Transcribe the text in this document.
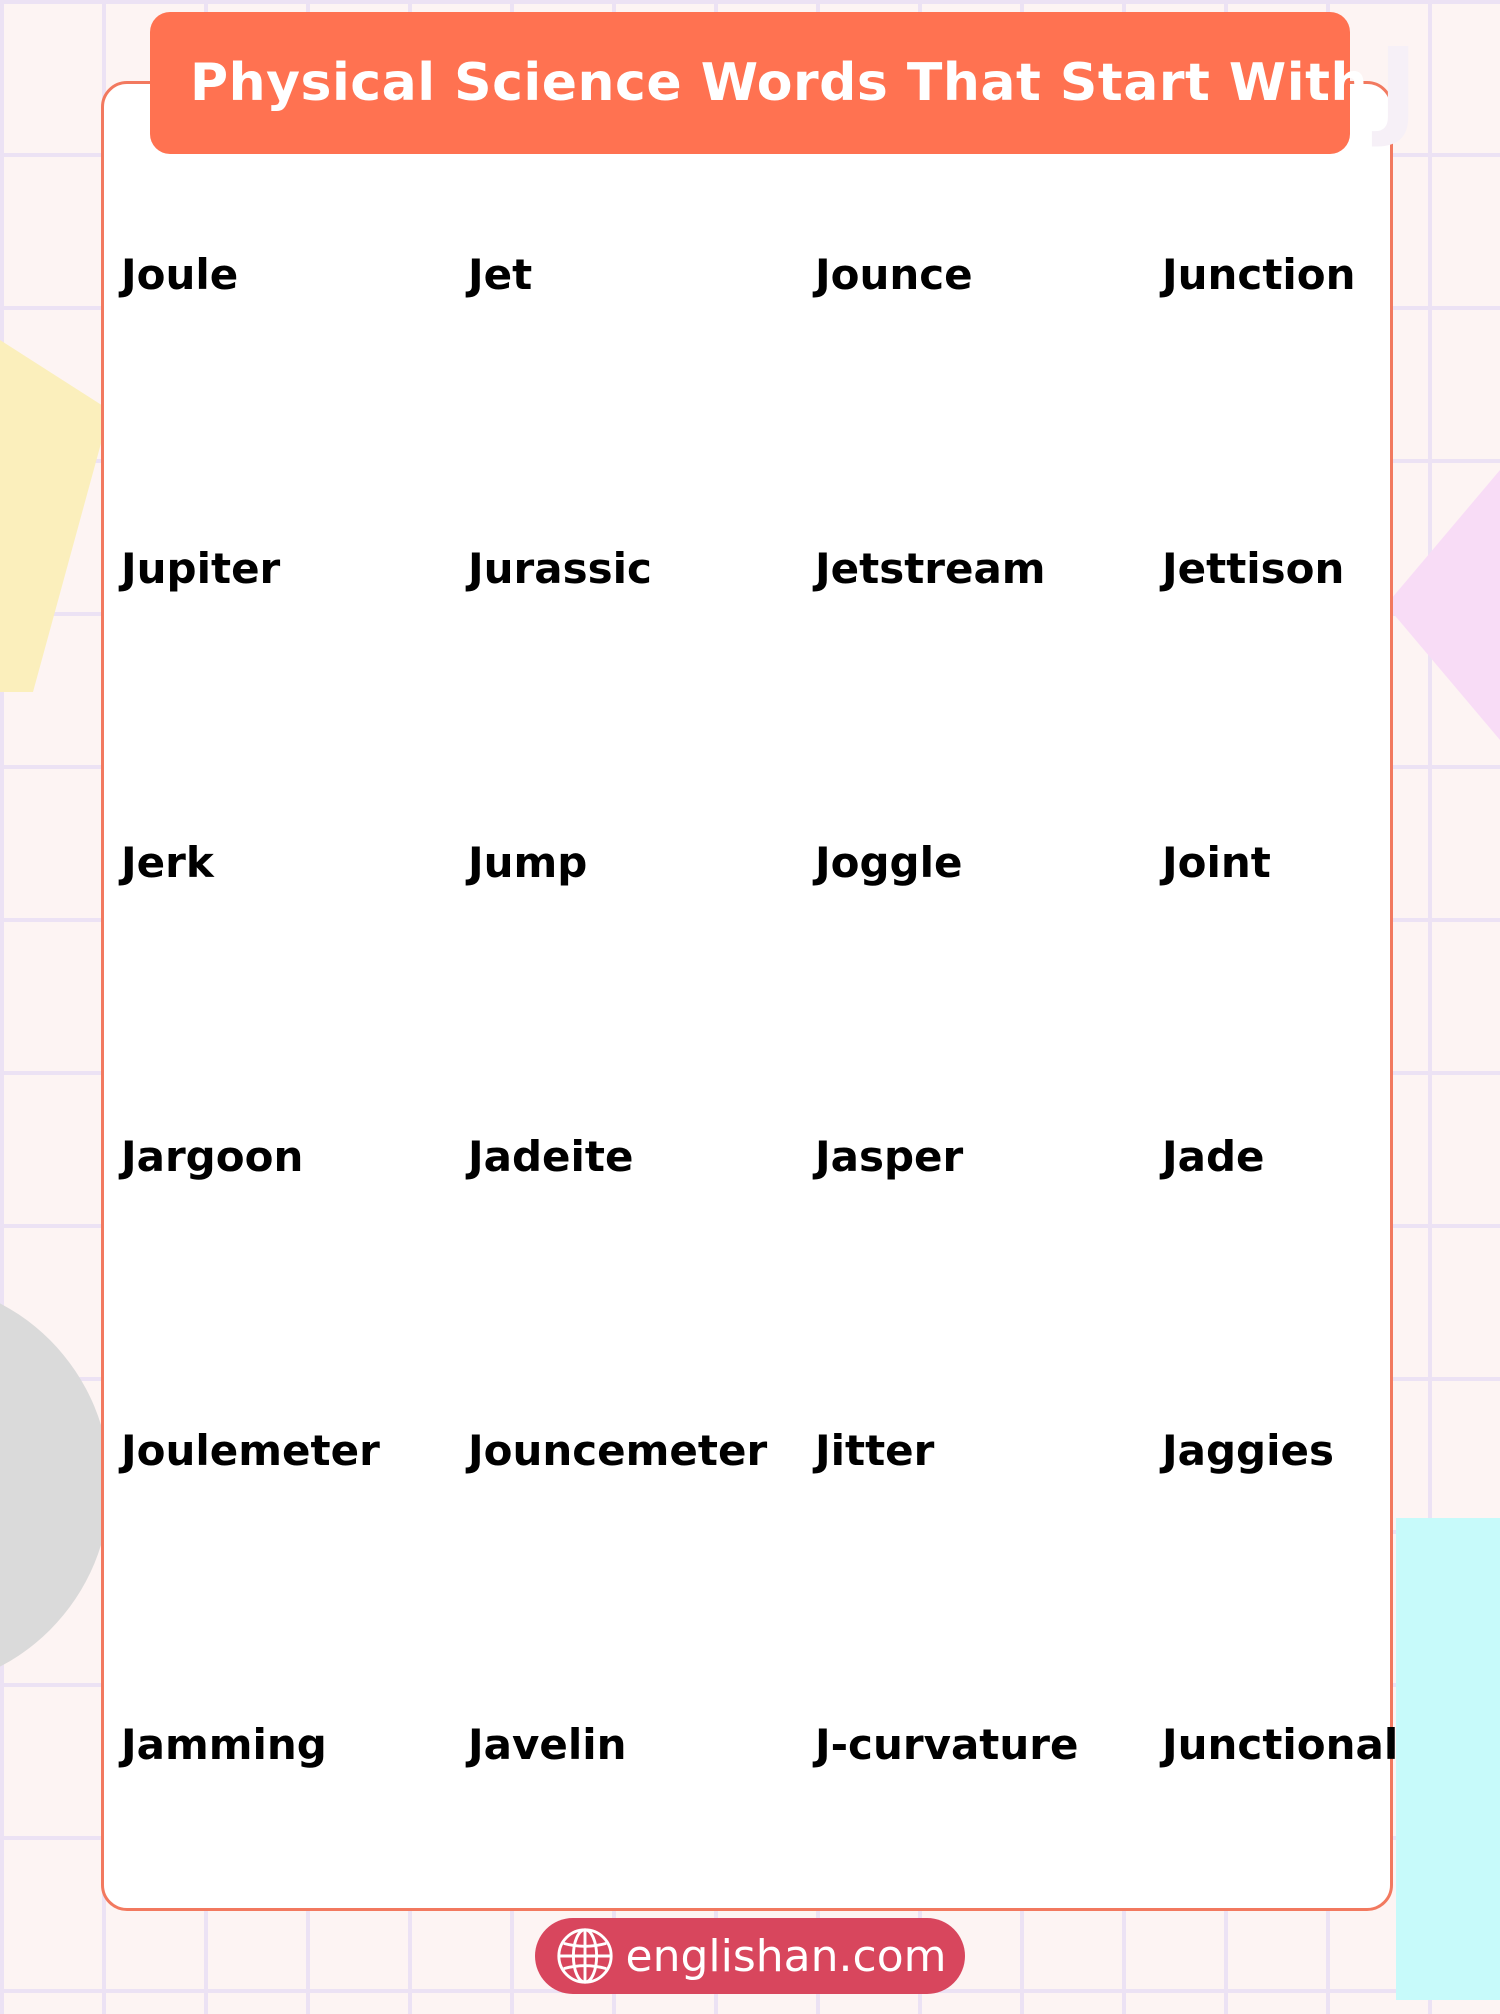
Physical Science Words That Start With J
Joule	Jet	Jounce	Junction
Jupiter	Jurassic	Jetstream	Jettison
Jerk	Jump	Joggle	Joint
Jargoon	Jadeite	Jasper	Jade
Joulemeter	Jouncemeter	Jitter	Jaggies
Jamming	Javelin	J-curvature	Junctional
englishan.com
